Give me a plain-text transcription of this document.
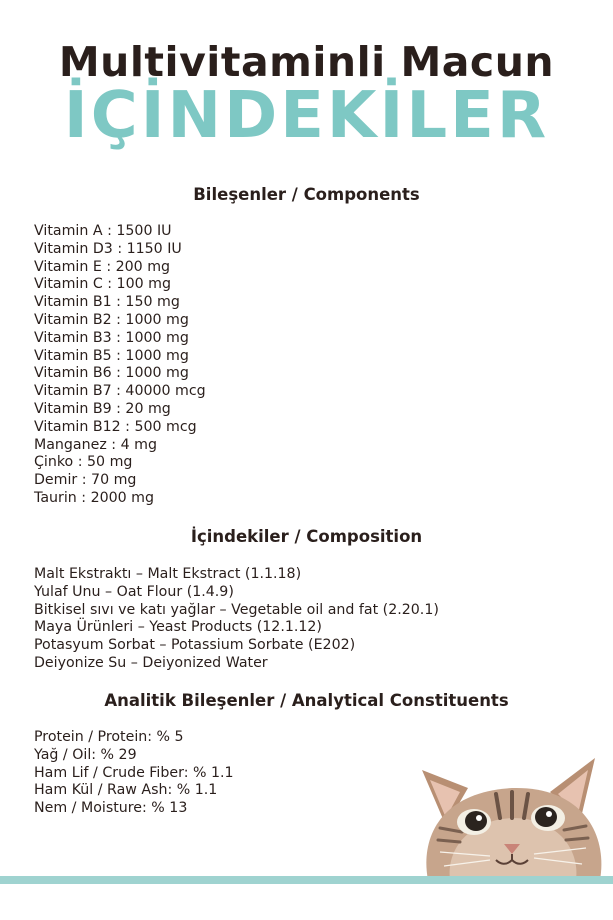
Multivitaminli Macun
İÇİNDEKİLER
Bileşenler / Components
Vitamin A : 1500 IU
Vitamin D3 : 1150 IU
Vitamin E : 200 mg
Vitamin C : 100 mg
Vitamin B1 : 150 mg
Vitamin B2 : 1000 mg
Vitamin B3 : 1000 mg
Vitamin B5 : 1000 mg
Vitamin B6 : 1000 mg
Vitamin B7 : 40000 mcg
Vitamin B9 : 20 mg
Vitamin B12 : 500 mcg
Manganez : 4 mg
Çinko : 50 mg
Demir : 70 mg
Taurin : 2000 mg
İçindekiler / Composition
Malt Ekstraktı – Malt Ekstract (1.1.18)
Yulaf Unu – Oat Flour (1.4.9)
Bitkisel sıvı ve katı yağlar – Vegetable oil and fat (2.20.1)
Maya Ürünleri – Yeast Products (12.1.12)
Potasyum Sorbat – Potassium Sorbate (E202)
Deiyonize Su – Deiyonized Water
Analitik Bileşenler / Analytical Constituents
Protein / Protein: % 5
Yağ / Oil: % 29
Ham Lif / Crude Fiber: % 1.1
Ham Kül / Raw Ash: % 1.1
Nem / Moisture: % 13
